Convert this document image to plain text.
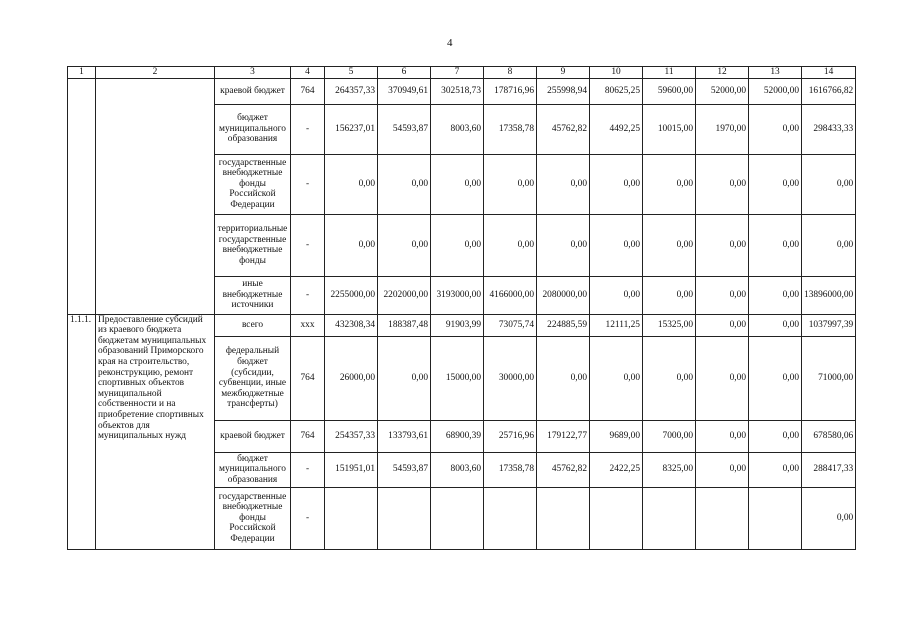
4
1	2	3	4	5	6	7	8	9	10	11	12	13	14
		краевой бюджет	764	264357,33	370949,61	302518,73	178716,96	255998,94	80625,25	59600,00	52000,00	52000,00	1616766,82
		бюджет муниципального образования	-	156237,01	54593,87	8003,60	17358,78	45762,82	4492,25	10015,00	1970,00	0,00	298433,33
		государственные внебюджетные фонды Российской Федерации	-	0,00	0,00	0,00	0,00	0,00	0,00	0,00	0,00	0,00	0,00
		территориальные государственные внебюджетные фонды	-	0,00	0,00	0,00	0,00	0,00	0,00	0,00	0,00	0,00	0,00
		иные внебюджетные источники	-	2255000,00	2202000,00	3193000,00	4166000,00	2080000,00	0,00	0,00	0,00	0,00	13896000,00
1.1.1.	Предоставление субсидий из краевого бюджета бюджетам муниципальных образований Приморского края на строительство, реконструкцию, ремонт спортивных объектов муниципальной собственности и на приобретение спортивных объектов для муниципальных нужд	всего	ххх	432308,34	188387,48	91903,99	73075,74	224885,59	12111,25	15325,00	0,00	0,00	1037997,39
		федеральный бюджет (субсидии, субвенции, иные межбюджетные трансферты)	764	26000,00	0,00	15000,00	30000,00	0,00	0,00	0,00	0,00	0,00	71000,00
		краевой бюджет	764	254357,33	133793,61	68900,39	25716,96	179122,77	9689,00	7000,00	0,00	0,00	678580,06
		бюджет муниципального образования	-	151951,01	54593,87	8003,60	17358,78	45762,82	2422,25	8325,00	0,00	0,00	288417,33
		государственные внебюджетные фонды Российской Федерации	-										0,00
